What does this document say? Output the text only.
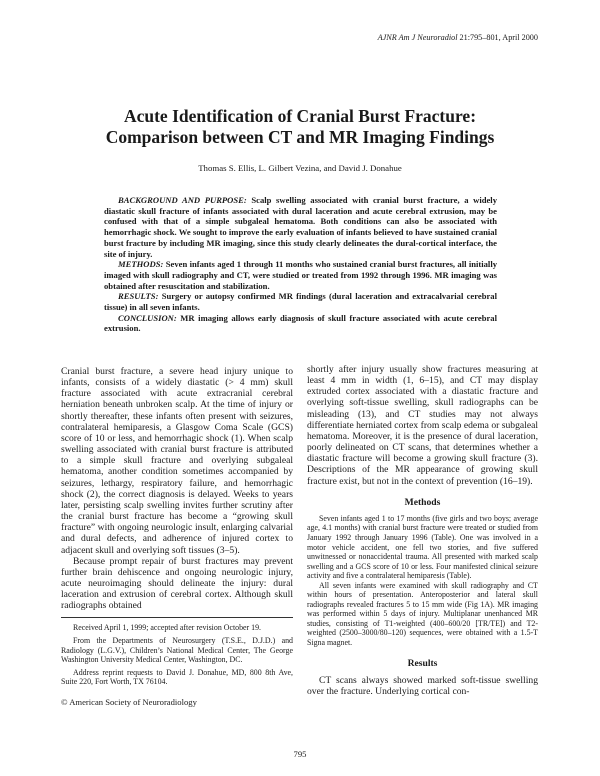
AJNR Am J Neuroradiol 21:795–801, April 2000
Acute Identification of Cranial Burst Fracture:
Comparison between CT and MR Imaging Findings
Thomas S. Ellis, L. Gilbert Vezina, and David J. Donahue

BACKGROUND AND PURPOSE: Scalp swelling associated with cranial burst fracture, a widely diastatic skull fracture of infants associated with dural laceration and acute cerebral extrusion, may be confused with that of a simple subgaleal hematoma. Both conditions can also be associated with hemorrhagic shock. We sought to improve the early evaluation of infants believed to have sustained cranial burst fracture by including MR imaging, since this study clearly delineates the dural-cortical interface, the site of injury.

METHODS: Seven infants aged 1 through 11 months who sustained cranial burst fractures, all initially imaged with skull radiography and CT, were studied or treated from 1992 through 1996. MR imaging was obtained after resuscitation and stabilization.

RESULTS: Surgery or autopsy confirmed MR findings (dural laceration and extracalvarial cerebral tissue) in all seven infants.

CONCLUSION: MR imaging allows early diagnosis of skull fracture associated with acute cerebral extrusion.

Cranial burst fracture, a severe head injury unique to infants, consists of a widely diastatic (> 4 mm) skull fracture associated with acute extracranial cerebral herniation beneath unbroken scalp. At the time of injury or shortly thereafter, these infants often present with seizures, contralateral hemiparesis, a Glasgow Coma Scale (GCS) score of 10 or less, and hemorrhagic shock (1). When scalp swelling associated with cranial burst fracture is attributed to a simple skull fracture and overlying subgaleal hematoma, another condition sometimes accompanied by seizures, lethargy, respiratory failure, and hemorrhagic shock (2), the correct diagnosis is delayed. Weeks to years later, persisting scalp swelling invites further scrutiny after the cranial burst fracture has become a “growing skull fracture” with ongoing neurologic insult, enlarging calvarial and dural defects, and adherence of injured cortex to adjacent skull and overlying soft tissues (3–5).

Because prompt repair of burst fractures may prevent further brain dehiscence and ongoing neurologic injury, acute neuroimaging should delineate the injury: dural laceration and extrusion of cerebral cortex. Although skull radiographs obtained

Received April 1, 1999; accepted after revision October 19.

From the Departments of Neurosurgery (T.S.E., D.J.D.) and Radiology (L.G.V.), Children’s National Medical Center, The George Washington University Medical Center, Washington, DC.

Address reprint requests to David J. Donahue, MD, 800 8th Ave, Suite 220, Fort Worth, TX 76104.

© American Society of Neuroradiology

shortly after injury usually show fractures measuring at least 4 mm in width (1, 6–15), and CT may display extruded cortex associated with a diastatic fracture and overlying soft-tissue swelling, skull radiographs can be misleading (13), and CT studies may not always differentiate herniated cortex from scalp edema or subgaleal hematoma. Moreover, it is the presence of dural laceration, poorly delineated on CT scans, that determines whether a diastatic fracture will become a growing skull fracture (3). Descriptions of the MR appearance of growing skull fracture exist, but not in the context of prevention (16–19).

Methods

Seven infants aged 1 to 17 months (five girls and two boys; average age, 4.1 months) with cranial burst fracture were treated or studied from January 1992 through January 1996 (Table). One was involved in a motor vehicle accident, one fell two stories, and five suffered unwitnessed or nonaccidental trauma. All presented with marked scalp swelling and a GCS score of 10 or less. Four manifested clinical seizure activity and five a contralateral hemiparesis (Table).

All seven infants were examined with skull radiography and CT within hours of presentation. Anteroposterior and lateral skull radiographs revealed fractures 5 to 15 mm wide (Fig 1A). MR imaging was performed within 5 days of injury. Multiplanar unenhanced MR studies, consisting of T1-weighted (400–600/20 [TR/TE]) and T2-weighted (2500–3000/80–120) sequences, were obtained with a 1.5-T Signa magnet.

Results

CT scans always showed marked soft-tissue swelling over the fracture. Underlying cortical con-

795
